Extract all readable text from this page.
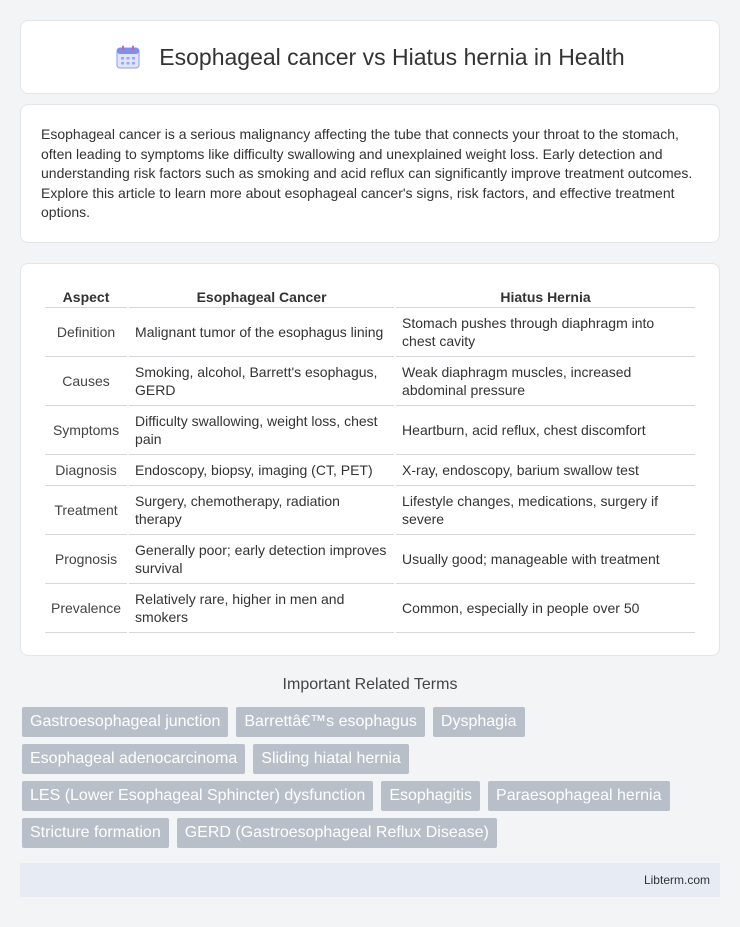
Esophageal cancer vs Hiatus hernia in Health

Esophageal cancer is a serious malignancy affecting the tube that connects your throat to the stomach, often leading to symptoms like difficulty swallowing and unexplained weight loss. Early detection and understanding risk factors such as smoking and acid reflux can significantly improve treatment outcomes. Explore this article to learn more about esophageal cancer's signs, risk factors, and effective treatment options.

Aspect	Esophageal Cancer	Hiatus Hernia
Definition	Malignant tumor of the esophagus lining	Stomach pushes through diaphragm into chest cavity
Causes	Smoking, alcohol, Barrett's esophagus, GERD	Weak diaphragm muscles, increased abdominal pressure
Symptoms	Difficulty swallowing, weight loss, chest pain	Heartburn, acid reflux, chest discomfort
Diagnosis	Endoscopy, biopsy, imaging (CT, PET)	X-ray, endoscopy, barium swallow test
Treatment	Surgery, chemotherapy, radiation therapy	Lifestyle changes, medications, surgery if severe
Prognosis	Generally poor; early detection improves survival	Usually good; manageable with treatment
Prevalence	Relatively rare, higher in men and smokers	Common, especially in people over 50
Important Related Terms
Gastroesophageal junction	Barrettâ€™s esophagus	Dysphagia
Esophageal adenocarcinoma	Sliding hiatal hernia
LES (Lower Esophageal Sphincter) dysfunction	Esophagitis	Paraesophageal hernia
Stricture formation	GERD (Gastroesophageal Reflux Disease)
Libterm.com
